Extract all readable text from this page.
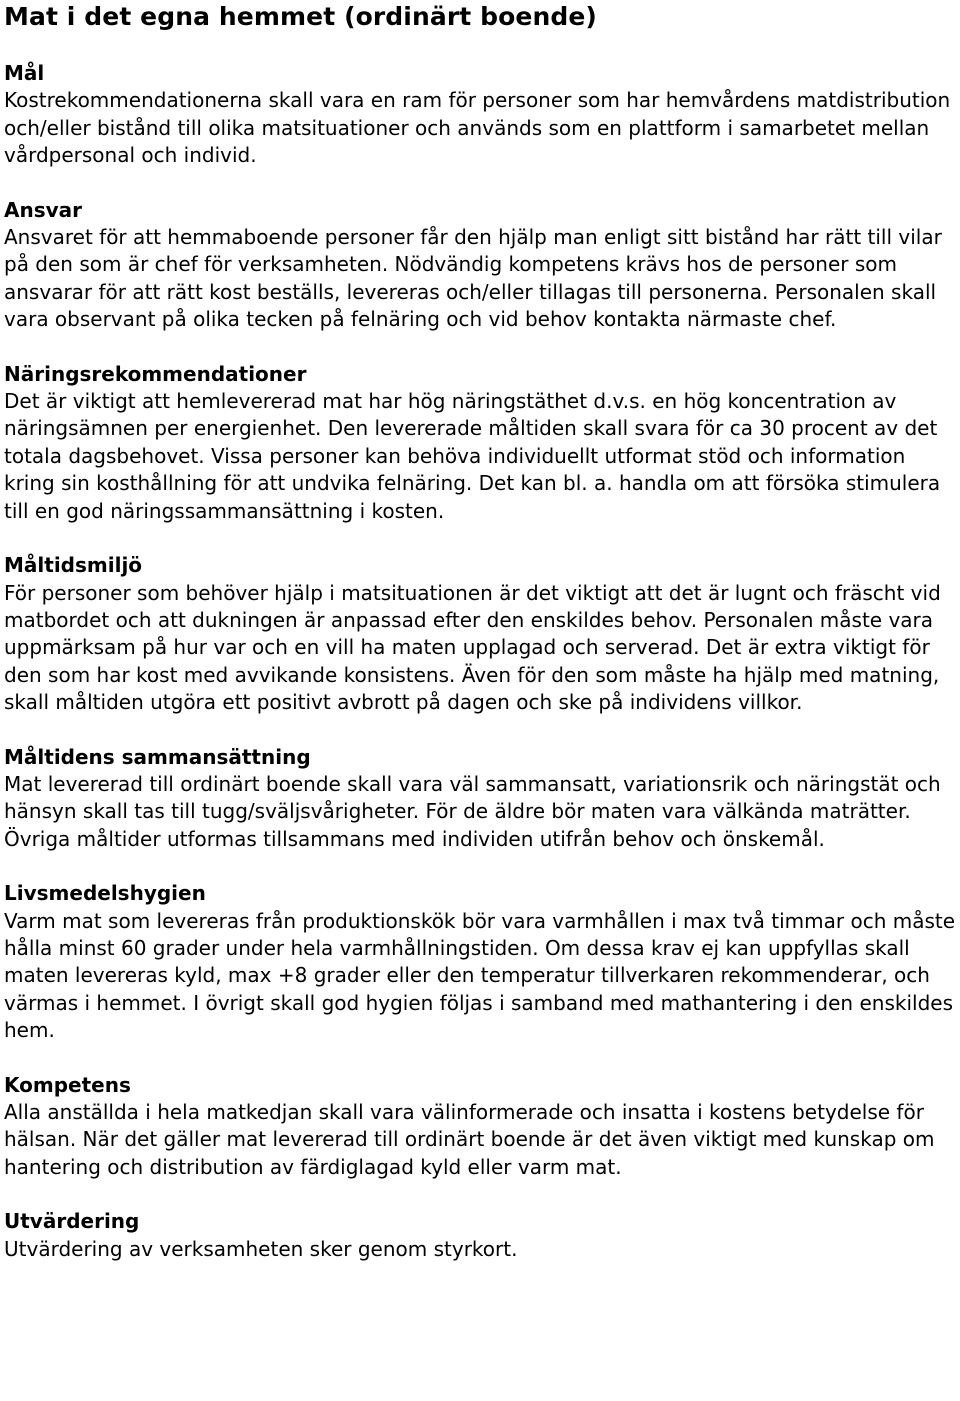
Mat i det egna hemmet (ordinärt boende)
Mål

Kostrekommendationerna skall vara en ram för personer som har hemvårdens matdistribution och/eller bistånd till olika matsituationer och används som en plattform i samarbetet mellan vårdpersonal och individ.

Ansvar

Ansvaret för att hemmaboende personer får den hjälp man enligt sitt bistånd har rätt till vilar på den som är chef för verksamheten. Nödvändig kompetens krävs hos de personer som ansvarar för att rätt kost beställs, levereras och/eller tillagas till personerna. Personalen skall vara observant på olika tecken på felnäring och vid behov kontakta närmaste chef.

Näringsrekommendationer

Det är viktigt att hemlevererad mat har hög näringstäthet d.v.s. en hög koncentration av näringsämnen per energienhet. Den levererade måltiden skall svara för ca 30 procent av det totala dagsbehovet. Vissa personer kan behöva individuellt utformat stöd och information kring sin kosthållning för att undvika felnäring. Det kan bl. a. handla om att försöka stimulera till en god näringssammansättning i kosten.

Måltidsmiljö

För personer som behöver hjälp i matsituationen är det viktigt att det är lugnt och fräscht vid matbordet och att dukningen är anpassad efter den enskildes behov. Personalen måste vara uppmärksam på hur var och en vill ha maten upplagad och serverad. Det är extra viktigt för den som har kost med avvikande konsistens. Även för den som måste ha hjälp med matning, skall måltiden utgöra ett positivt avbrott på dagen och ske på individens villkor.

Måltidens sammansättning

Mat levererad till ordinärt boende skall vara väl sammansatt, variationsrik och näringstät och hänsyn skall tas till tugg/sväljsvårigheter. För de äldre bör maten vara välkända maträtter. Övriga måltider utformas tillsammans med individen utifrån behov och önskemål.

Livsmedelshygien

Varm mat som levereras från produktionskök bör vara varmhållen i max två timmar och måste hålla minst 60 grader under hela varmhållningstiden. Om dessa krav ej kan uppfyllas skall maten levereras kyld, max +8 grader eller den temperatur tillverkaren rekommenderar, och värmas i hemmet. I övrigt skall god hygien följas i samband med mathantering i den enskildes hem.

Kompetens

Alla anställda i hela matkedjan skall vara välinformerade och insatta i kostens betydelse för hälsan. När det gäller mat levererad till ordinärt boende är det även viktigt med kunskap om hantering och distribution av färdiglagad kyld eller varm mat.

Utvärdering

Utvärdering av verksamheten sker genom styrkort.
